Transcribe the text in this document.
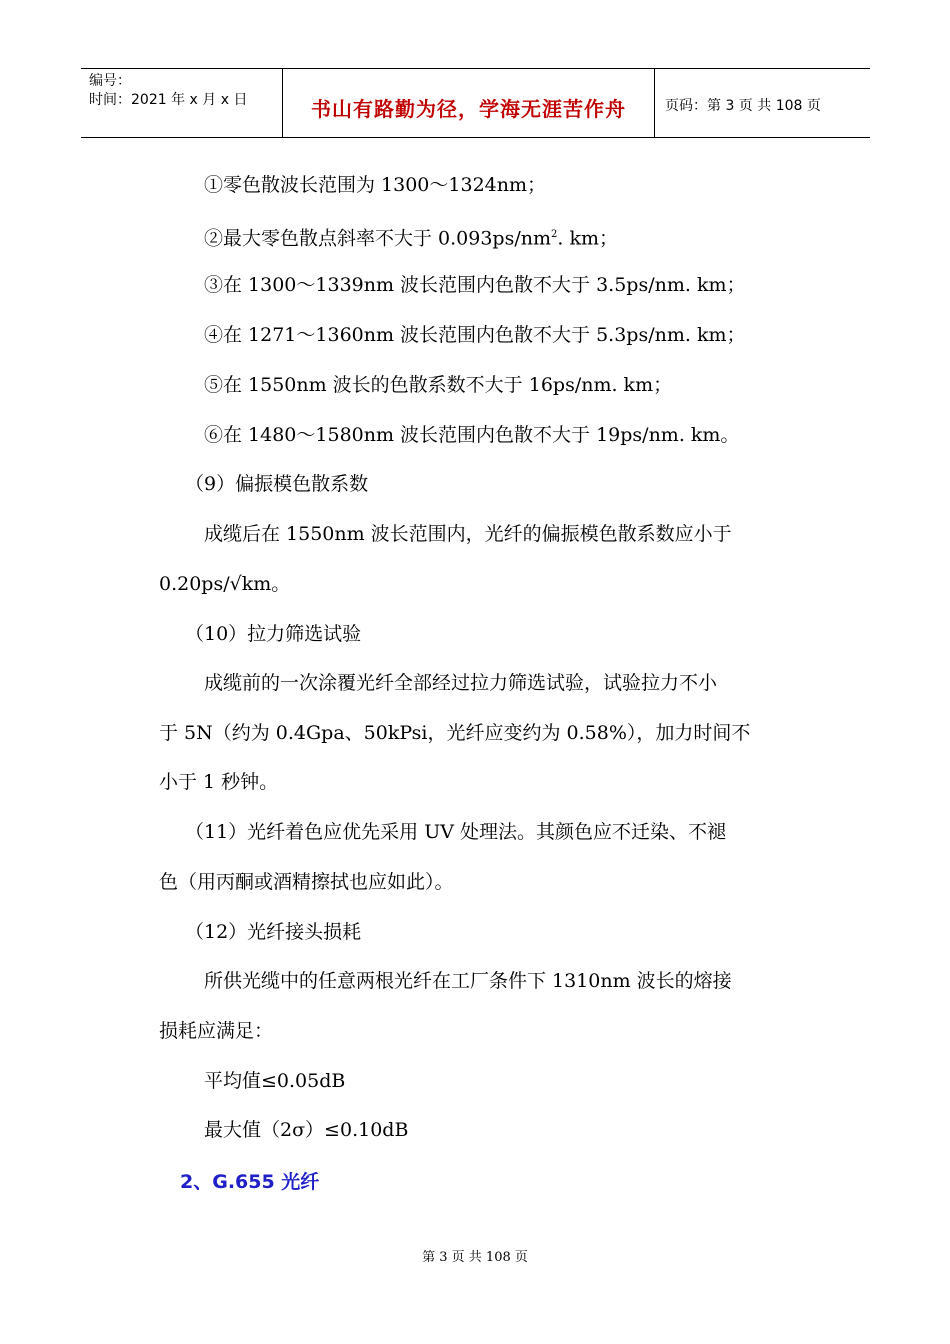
编号：
时间：2021 年 x 月 x 日	书山有路勤为径，学海无涯苦作舟	页码：第 3 页 共 108 页
①零色散波长范围为 1300～1324nm；
②最大零色散点斜率不大于 $0.093ps/nm^2$. km；
③在 1300～1339nm 波长范围内色散不大于 3.5ps/nm. km；
④在 1271～1360nm 波长范围内色散不大于 5.3ps/nm. km；
⑤在 1550nm 波长的色散系数不大于 16ps/nm. km；
⑥在 1480～1580nm 波长范围内色散不大于 19ps/nm. km。
（9）偏振模色散系数
成缆后在 1550nm 波长范围内，光纤的偏振模色散系数应小于
0.20ps/√km。
（10）拉力筛选试验
成缆前的一次涂覆光纤全部经过拉力筛选试验，试验拉力不小
于 5N（约为 0.4Gpa、50kPsi，光纤应变约为 0.58%），加力时间不
小于 1 秒钟。
（11）光纤着色应优先采用 UV 处理法。其颜色应不迁染、不褪
色（用丙酮或酒精擦拭也应如此）。
（12）光纤接头损耗
所供光缆中的任意两根光纤在工厂条件下 1310nm 波长的熔接
损耗应满足：
平均值≤0.05dB
最大值（2σ）≤0.10dB
2、G.655 光纤
第 3 页 共 108 页
